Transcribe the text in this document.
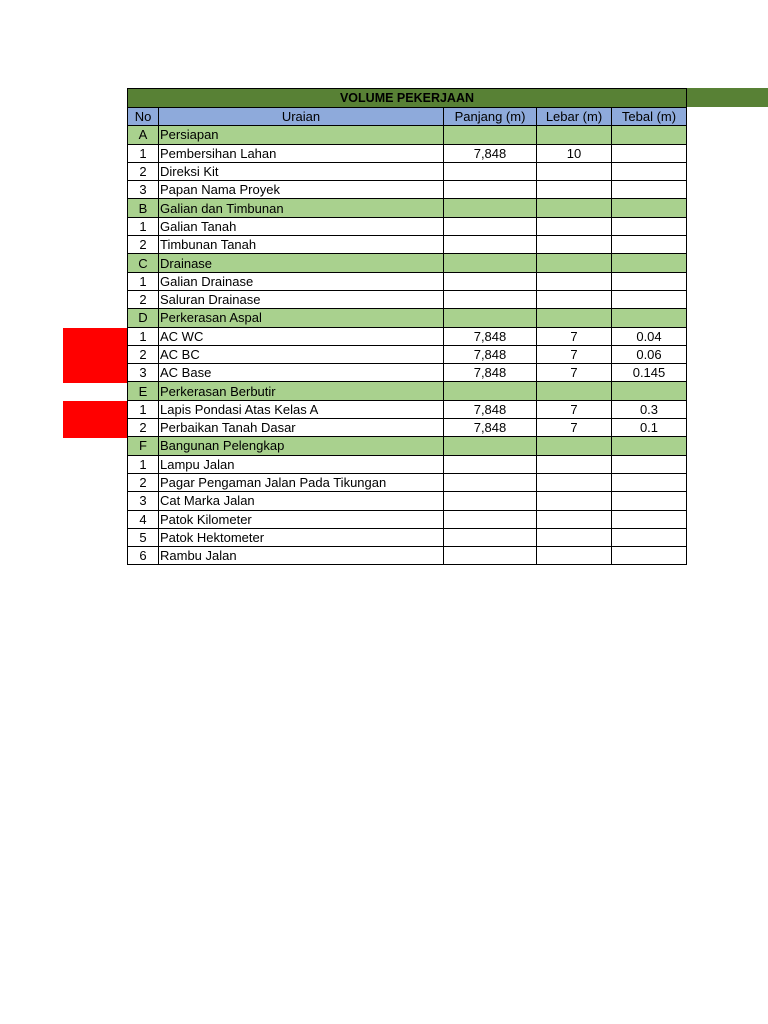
VOLUME PEKERJAAN
No	Uraian	Panjang (m)	Lebar (m)	Tebal (m)
A	Persiapan			
1	Pembersihan Lahan	7,848	10	
2	Direksi Kit			
3	Papan Nama Proyek			
B	Galian dan Timbunan			
1	Galian Tanah			
2	Timbunan Tanah			
C	Drainase			
1	Galian Drainase			
2	Saluran Drainase			
D	Perkerasan Aspal			
1	AC WC	7,848	7	0.04
2	AC BC	7,848	7	0.06
3	AC Base	7,848	7	0.145
E	Perkerasan Berbutir			
1	Lapis Pondasi Atas Kelas A	7,848	7	0.3
2	Perbaikan Tanah Dasar	7,848	7	0.1
F	Bangunan Pelengkap			
1	Lampu Jalan			
2	Pagar Pengaman Jalan Pada Tikungan			
3	Cat Marka Jalan			
4	Patok Kilometer			
5	Patok Hektometer			
6	Rambu Jalan			
